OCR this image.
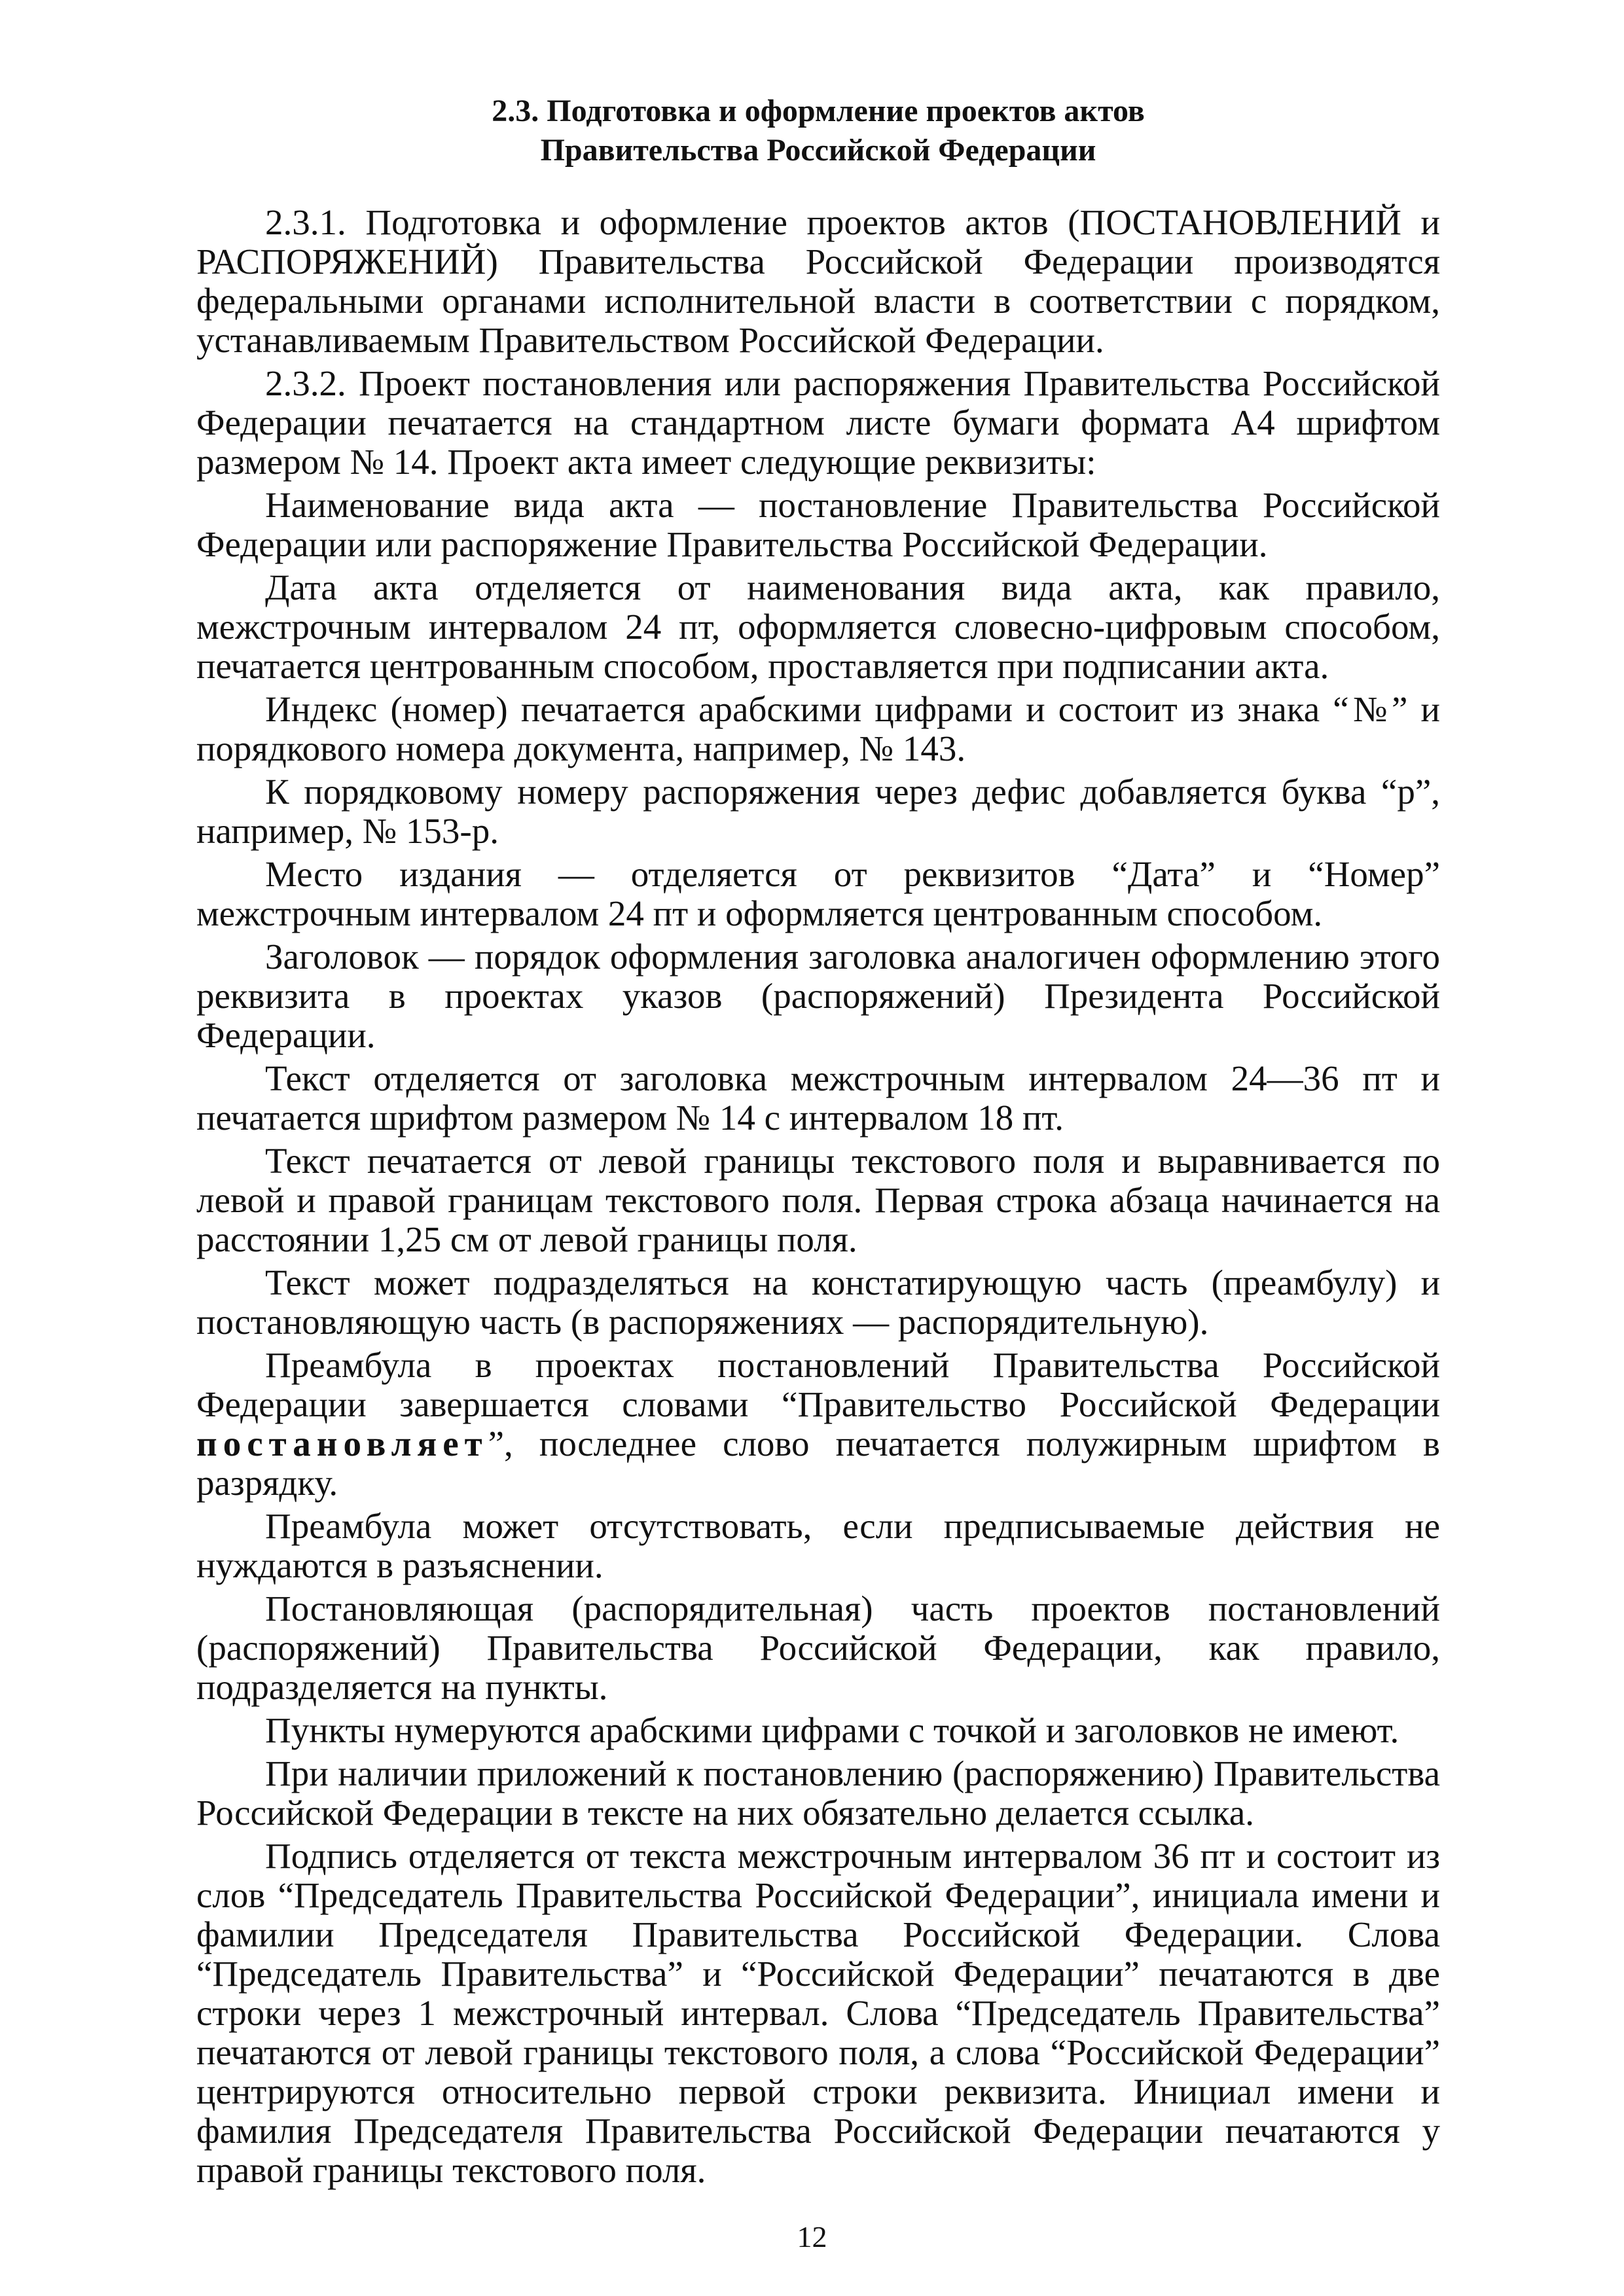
2.3. Подготовка и оформление проектов актов
Правительства Российской Федерации

2.3.1. Подготовка и оформление проектов актов (ПОСТАНОВЛЕНИЙ и РАСПОРЯЖЕНИЙ) Правительства Российской Федерации производятся федеральными органами исполнительной власти в соответствии с порядком, устанавливаемым Правительством Российской Федерации.

2.3.2. Проект постановления или распоряжения Правительства Российской Федерации печатается на стандартном листе бумаги формата А4 шрифтом размером № 14. Проект акта имеет следующие реквизиты:

Наименование вида акта — постановление Правительства Российской Федерации или распоряжение Правительства Российской Федерации.

Дата акта отделяется от наименования вида акта, как правило, межстрочным интервалом 24 пт, оформляется словесно-цифровым способом, печатается центрованным способом, проставляется при подписании акта.

Индекс (номер) печатается арабскими цифрами и состоит из знака “№” и порядкового номера документа, например, № 143.

К порядковому номеру распоряжения через дефис добавляется буква “р”, например, № 153-р.

Место издания — отделяется от реквизитов “Дата” и “Номер” межстрочным интервалом 24 пт и оформляется центрованным способом.

Заголовок — порядок оформления заголовка аналогичен оформлению этого реквизита в проектах указов (распоряжений) Президента Российской Федерации.

Текст отделяется от заголовка межстрочным интервалом 24—36 пт и печатается шрифтом размером № 14 с интервалом 18 пт.

Текст печатается от левой границы текстового поля и выравнивается по левой и правой границам текстового поля. Первая строка абзаца начинается на расстоянии 1,25 см от левой границы поля.

Текст может подразделяться на констатирующую часть (преамбулу) и постановляющую часть (в распоряжениях — распорядительную).

Преамбула в проектах постановлений Правительства Российской Федерации завершается словами “Правительство Российской Федерации постановляет”, последнее слово печатается полужирным шрифтом в разрядку.

Преамбула может отсутствовать, если предписываемые действия не нуждаются в разъяснении.

Постановляющая (распорядительная) часть проектов постановлений (распоряжений) Правительства Российской Федерации, как правило, подразделяется на пункты.

Пункты нумеруются арабскими цифрами с точкой и заголовков не имеют.

При наличии приложений к постановлению (распоряжению) Правительства Российской Федерации в тексте на них обязательно делается ссылка.

Подпись отделяется от текста межстрочным интервалом 36 пт и состоит из слов “Председатель Правительства Российской Федерации”, инициала имени и фамилии Председателя Правительства Российской Федерации. Слова “Председатель Правительства” и “Российской Федерации” печатаются в две строки через 1 межстрочный интервал. Слова “Председатель Правительства” печатаются от левой границы текстового поля, а слова “Российской Федерации” центрируются относительно первой строки реквизита. Инициал имени и фамилия Председателя Правительства Российской Федерации печатаются у правой границы текстового поля.

12
